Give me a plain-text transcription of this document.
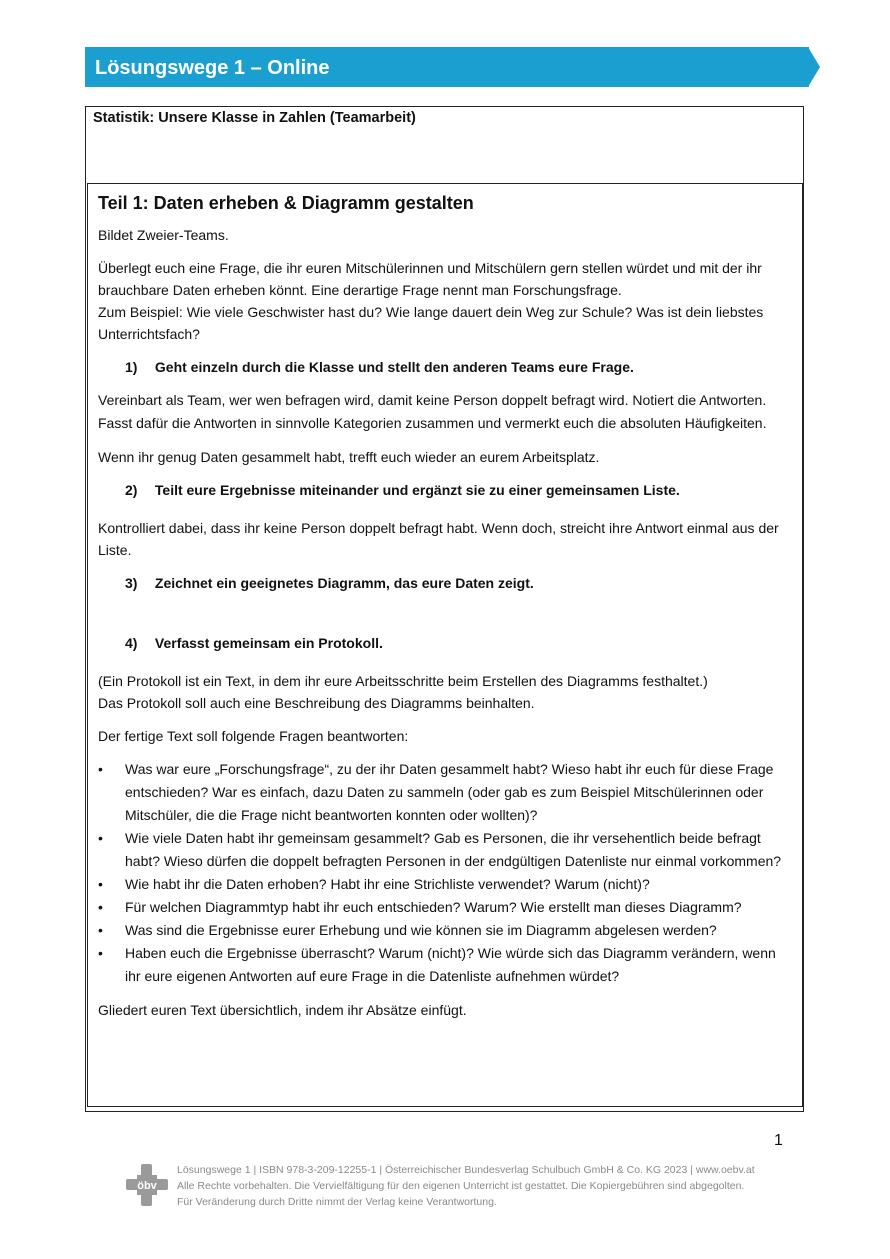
Lösungswege 1 – Online
Statistik: Unsere Klasse in Zahlen (Teamarbeit)
Teil 1: Daten erheben & Diagramm gestalten

Bildet Zweier-Teams.

Überlegt euch eine Frage, die ihr euren Mitschülerinnen und Mitschülern gern stellen würdet und mit der ihr brauchbare Daten erheben könnt. Eine derartige Frage nennt man Forschungsfrage.
Zum Beispiel: Wie viele Geschwister hast du? Wie lange dauert dein Weg zur Schule? Was ist dein liebstes Unterrichtsfach?

1) Geht einzeln durch die Klasse und stellt den anderen Teams eure Frage.

Vereinbart als Team, wer wen befragen wird, damit keine Person doppelt befragt wird. Notiert die Antworten. Fasst dafür die Antworten in sinnvolle Kategorien zusammen und vermerkt euch die absoluten Häufigkeiten.

Wenn ihr genug Daten gesammelt habt, trefft euch wieder an eurem Arbeitsplatz.

2) Teilt eure Ergebnisse miteinander und ergänzt sie zu einer gemeinsamen Liste.

Kontrolliert dabei, dass ihr keine Person doppelt befragt habt. Wenn doch, streicht ihre Antwort einmal aus der Liste.

3) Zeichnet ein geeignetes Diagramm, das eure Daten zeigt.
4) Verfasst gemeinsam ein Protokoll.

(Ein Protokoll ist ein Text, in dem ihr eure Arbeitsschritte beim Erstellen des Diagramms festhaltet.)
Das Protokoll soll auch eine Beschreibung des Diagramms beinhalten.

Der fertige Text soll folgende Fragen beantworten:

• Was war eure „Forschungsfrage“, zu der ihr Daten gesammelt habt? Wieso habt ihr euch für diese Frage entschieden? War es einfach, dazu Daten zu sammeln (oder gab es zum Beispiel Mitschülerinnen oder Mitschüler, die die Frage nicht beantworten konnten oder wollten)?
• Wie viele Daten habt ihr gemeinsam gesammelt? Gab es Personen, die ihr versehentlich beide befragt habt? Wieso dürfen die doppelt befragten Personen in der endgültigen Datenliste nur einmal vorkommen?
• Wie habt ihr die Daten erhoben? Habt ihr eine Strichliste verwendet? Warum (nicht)?
• Für welchen Diagrammtyp habt ihr euch entschieden? Warum? Wie erstellt man dieses Diagramm?
• Was sind die Ergebnisse eurer Erhebung und wie können sie im Diagramm abgelesen werden?
• Haben euch die Ergebnisse überrascht? Warum (nicht)? Wie würde sich das Diagramm verändern, wenn ihr eure eigenen Antworten auf eure Frage in die Datenliste aufnehmen würdet?

Gliedert euren Text übersichtlich, indem ihr Absätze einfügt.

1
öbv
Lösungswege 1 | ISBN 978-3-209-12255-1 | Österreichischer Bundesverlag Schulbuch GmbH & Co. KG 2023 | www.oebv.at
Alle Rechte vorbehalten. Die Vervielfältigung für den eigenen Unterricht ist gestattet. Die Kopiergebühren sind abgegolten.
Für Veränderung durch Dritte nimmt der Verlag keine Verantwortung.
